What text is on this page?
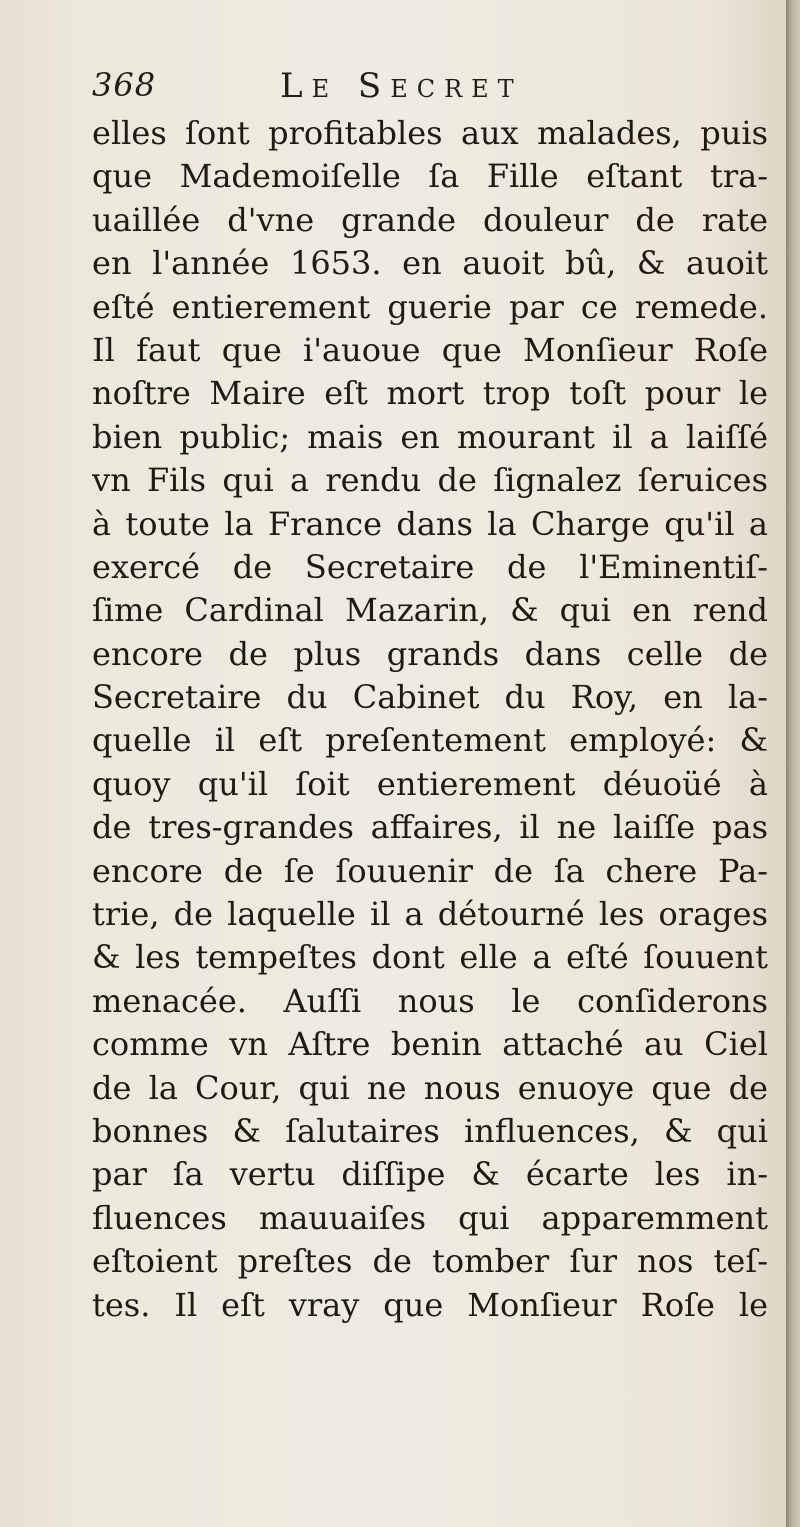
368	Le Secret
elles ſont profitables aux malades, puis
que Mademoiſelle ſa Fille eſtant tra-
uaillée d'vne grande douleur de rate
en l'année 1653. en auoit bû, & auoit
eſté entierement guerie par ce remede.
Il faut que i'auoue que Monſieur Roſe
noſtre Maire eſt mort trop toſt pour le
bien public; mais en mourant il a laiſſé
vn Fils qui a rendu de ſignalez ſeruices
à toute la France dans la Charge qu'il a
exercé de Secretaire de l'Eminentiſ-
ſime Cardinal Mazarin, & qui en rend
encore de plus grands dans celle de
Secretaire du Cabinet du Roy, en la-
quelle il eſt preſentement employé: &
quoy qu'il ſoit entierement déuoüé à
de tres-grandes affaires, il ne laiſſe pas
encore de ſe ſouuenir de ſa chere Pa-
trie, de laquelle il a détourné les orages
& les tempeſtes dont elle a eſté ſouuent
menacée. Auſſi nous le conſiderons
comme vn Aſtre benin attaché au Ciel
de la Cour, qui ne nous enuoye que de
bonnes & ſalutaires influences, & qui
par ſa vertu diſſipe & écarte les in-
fluences mauuaiſes qui apparemment
eſtoient preſtes de tomber ſur nos teſ-
tes. Il eſt vray que Monſieur Roſe le
